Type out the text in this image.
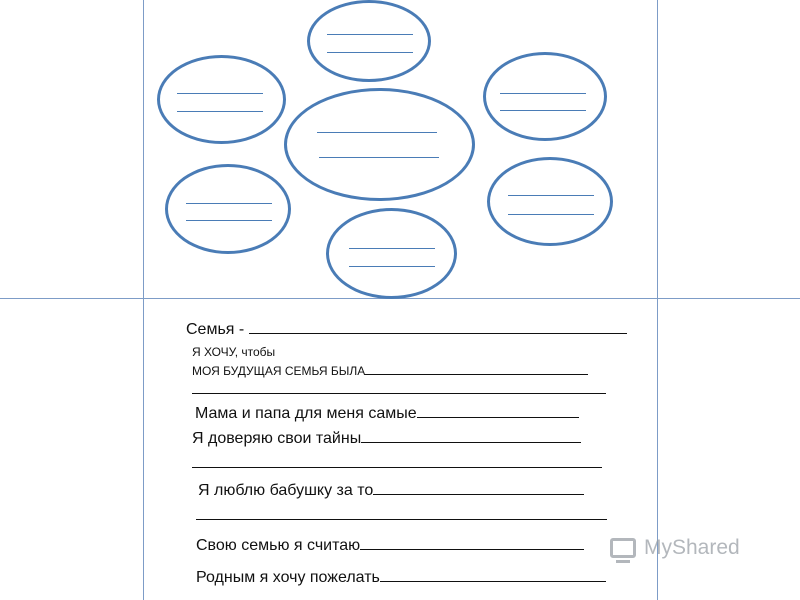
Семья -
Я ХОЧУ, чтобы
МОЯ БУДУЩАЯ СЕМЬЯ БЫЛА
Мама и папа для меня самые
Я доверяю свои тайны
Я люблю бабушку за то
Свою семью я считаю
Родным я хочу пожелать
MyShared
